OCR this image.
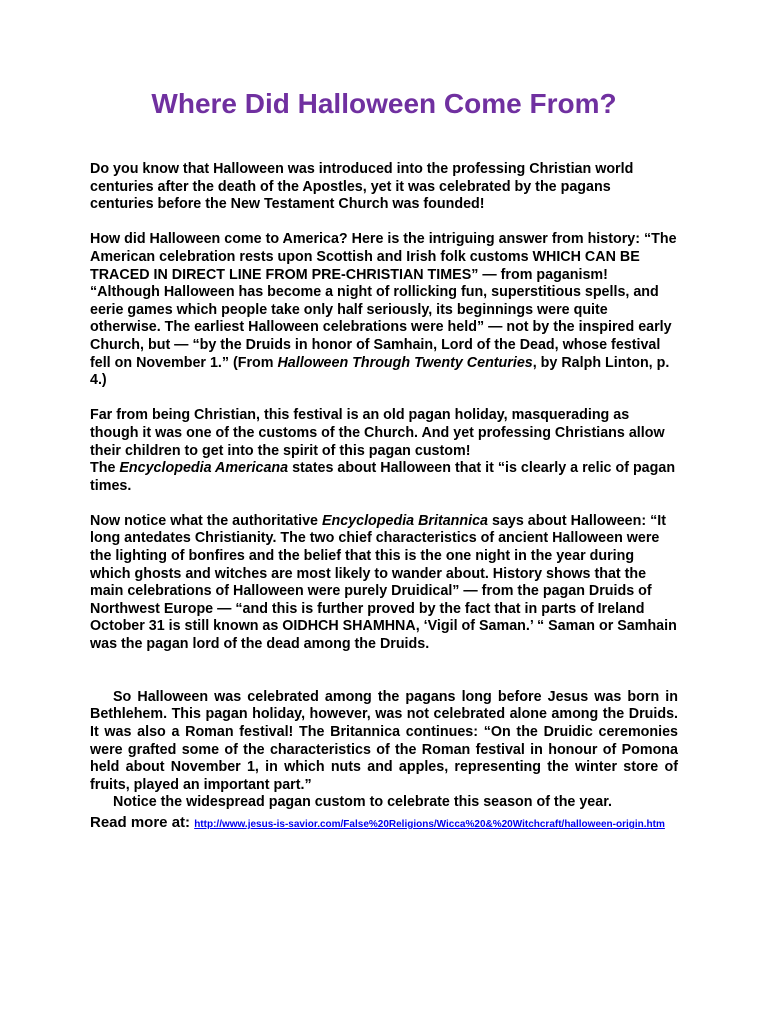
Where Did Halloween Come From?

Do you know that Halloween was introduced into the professing Christian world centuries after the death of the Apostles, yet it was celebrated by the pagans centuries before the New Testament Church was founded!

How did Halloween come to America? Here is the intriguing answer from history: “The American celebration rests upon Scottish and Irish folk customs WHICH CAN BE TRACED IN DIRECT LINE FROM PRE-CHRISTIAN TIMES” — from paganism! “Although Halloween has become a night of rollicking fun, superstitious spells, and eerie games which people take only half seriously, its beginnings were quite otherwise. The earliest Halloween celebrations were held” — not by the inspired early Church, but — “by the Druids in honor of Samhain, Lord of the Dead, whose festival fell on November 1.” (From Halloween Through Twenty Centuries, by Ralph Linton, p. 4.)

Far from being Christian, this festival is an old pagan holiday, masquerading as though it was one of the customs of the Church. And yet professing Christians allow their children to get into the spirit of this pagan custom!

The Encyclopedia Americana states about Halloween that it “is clearly a relic of pagan times.

Now notice what the authoritative Encyclopedia Britannica says about Halloween: “It long antedates Christianity. The two chief characteristics of ancient Halloween were the lighting of bonfires and the belief that this is the one night in the year during which ghosts and witches are most likely to wander about. History shows that the main celebrations of Halloween were purely Druidical” — from the pagan Druids of Northwest Europe — “and this is further proved by the fact that in parts of Ireland October 31 is still known as OIDHCH SHAMHNA, ‘Vigil of Saman.’ “ Saman or Samhain was the pagan lord of the dead among the Druids.

So Halloween was celebrated among the pagans long before Jesus was born in Bethlehem. This pagan holiday, however, was not celebrated alone among the Druids. It was also a Roman festival! The Britannica continues: “On the Druidic ceremonies were grafted some of the characteristics of the Roman festival in honour of Pomona held about November 1, in which nuts and apples, representing the winter store of fruits, played an important part.”

Notice the widespread pagan custom to celebrate this season of the year.

Read more at: http://www.jesus-is-savior.com/False%20Religions/Wicca%20&%20Witchcraft/halloween-origin.htm
